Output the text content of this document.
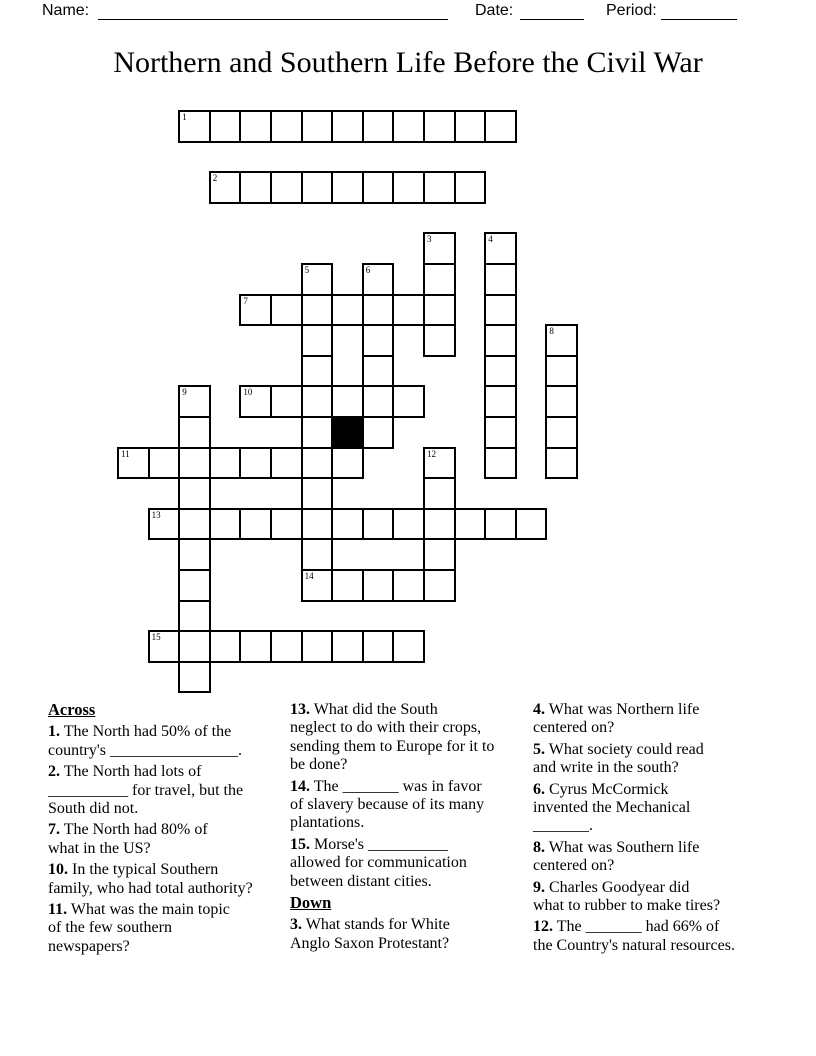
Name:	Date:	Period:
Northern and Southern Life Before the Civil War
1
2
3	4
5
14
6
7
8
9	10
11	12
13
15
Across
1. The North had 50% of the
country's ________________.
2. The North had lots of
__________ for travel, but the
South did not.
7. The North had 80% of
what in the US?
10. In the typical Southern
family, who had total authority?
11. What was the main topic
of the few southern
newspapers?
13. What did the South
neglect to do with their crops,
sending them to Europe for it to
be done?
14. The _______ was in favor
of slavery because of its many
plantations.
15. Morse's __________
allowed for communication
between distant cities.
Down
3. What stands for White
Anglo Saxon Protestant?
4. What was Northern life
centered on?
5. What society could read
and write in the south?
6. Cyrus McCormick
invented the Mechanical
_______.
8. What was Southern life
centered on?
9. Charles Goodyear did
what to rubber to make tires?
12. The _______ had 66% of
the Country's natural resources.
